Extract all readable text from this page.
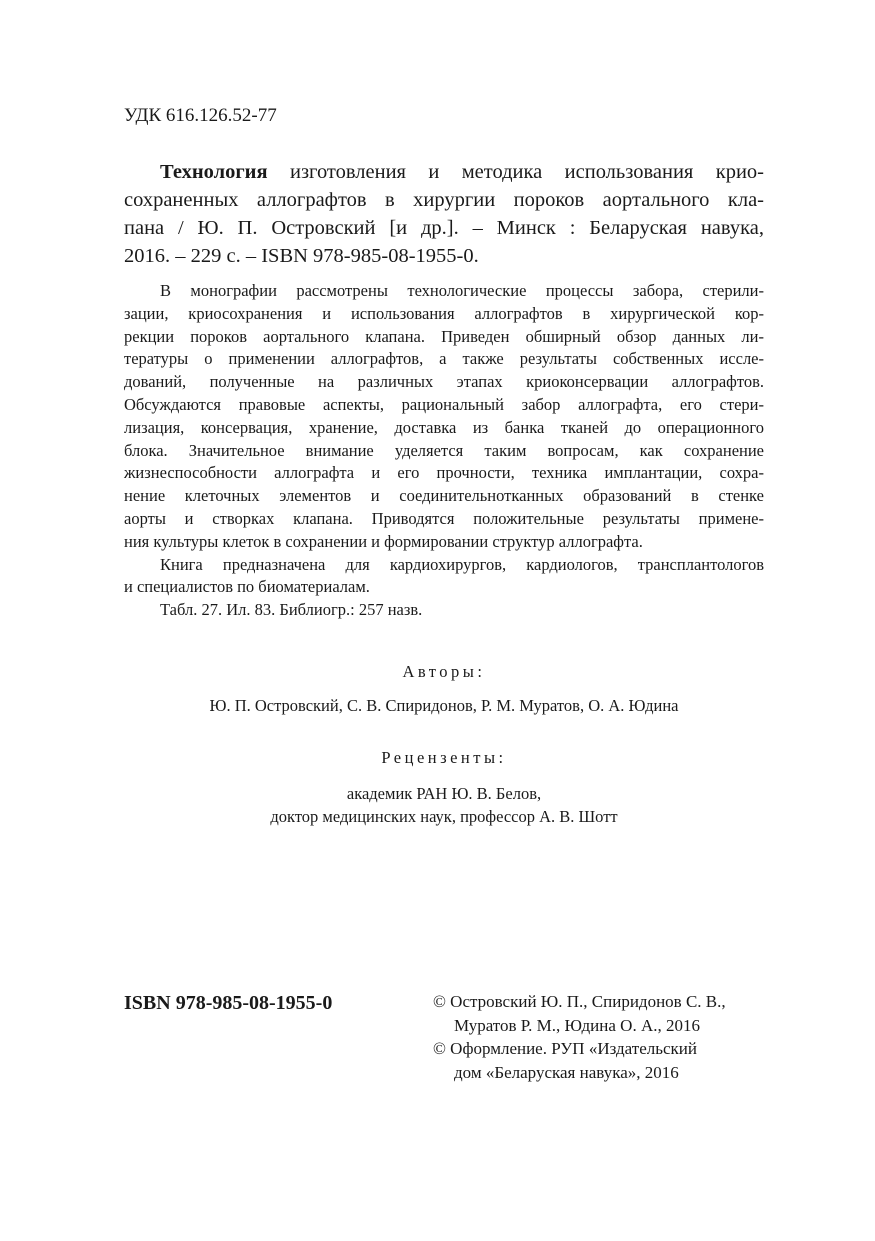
УДК 616.126.52-77

Технология изготовления и методика использования крио-
сохраненных аллографтов в хирургии пороков аортального кла-
пана / Ю. П. Островский [и др.]. – Минск : Беларуская навука,
2016. – 229 с. – ISBN 978-985-08-1955-0.

В монографии рассмотрены технологические процессы забора, стерили-
зации, криосохранения и использования аллографтов в хирургической кор-
рекции пороков аортального клапана. Приведен обширный обзор данных ли-
тературы о применении аллографтов, а также результаты собственных иссле-
дований, полученные на различных этапах криоконсервации аллографтов.
Обсуждаются правовые аспекты, рациональный забор аллографта, его стери-
лизация, консервация, хранение, доставка из банка тканей до операционного
блока. Значительное внимание уделяется таким вопросам, как сохранение
жизнеспособности аллографта и его прочности, техника имплантации, сохра-
нение клеточных элементов и соединительнотканных образований в стенке
аорты и створках клапана. Приводятся положительные результаты примене-
ния культуры клеток в сохранении и формировании структур аллографта.
Книга предназначена для кардиохирургов, кардиологов, трансплантологов
и специалистов по биоматериалам.
Табл. 27. Ил. 83. Библиогр.: 257 назв.

Авторы:

Ю. П. Островский, С. В. Спиридонов, Р. М. Муратов, О. А. Юдина

Рецензенты:

академик РАН Ю. В. Белов,

доктор медицинских наук, профессор А. В. Шотт

ISBN 978-985-08-1955-0	© Островский Ю. П., Спиридонов С. В.,
Муратов Р. М., Юдина О. А., 2016
© Оформление. РУП «Издательский
дом «Беларуская навука», 2016
